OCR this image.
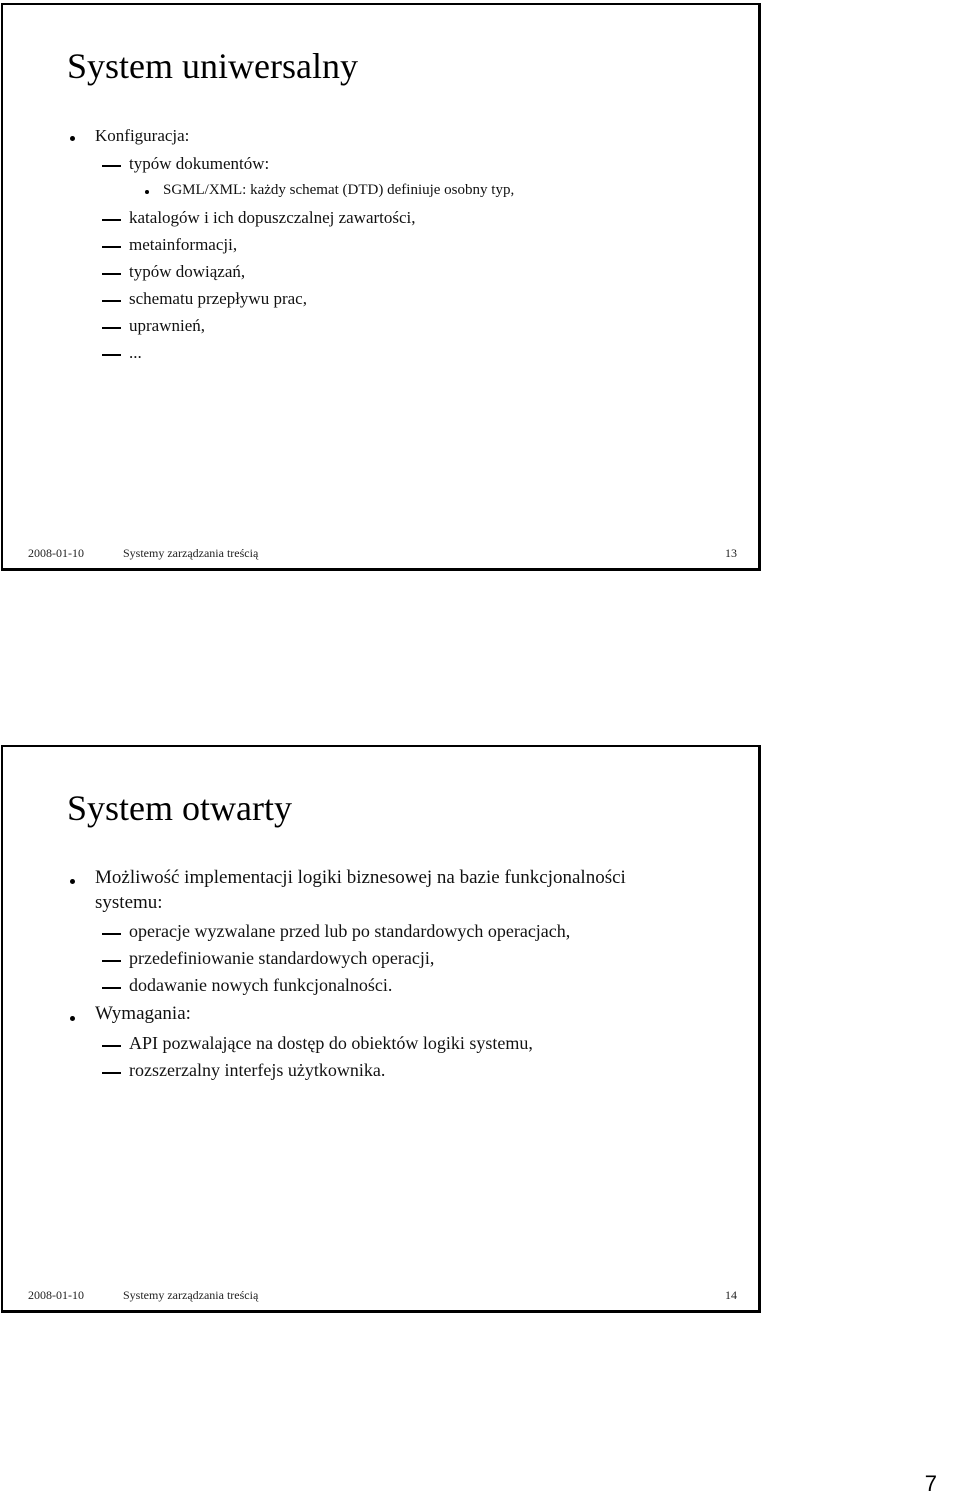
System uniwersalny
Konfiguracja:
typów dokumentów:
SGML/XML: każdy schemat (DTD) definiuje osobny typ,
katalogów i ich dopuszczalnej zawartości,
metainformacji,
typów dowiązań,
schematu przepływu prac,
uprawnień,
...
2008-01-10	Systemy zarządzania treścią	13
System otwarty
Możliwość implementacji logiki biznesowej na bazie funkcjonalności
systemu:
operacje wyzwalane przed lub po standardowych operacjach,
przedefiniowanie standardowych operacji,
dodawanie nowych funkcjonalności.
Wymagania:
API pozwalające na dostęp do obiektów logiki systemu,
rozszerzalny interfejs użytkownika.
2008-01-10	Systemy zarządzania treścią	14
7
